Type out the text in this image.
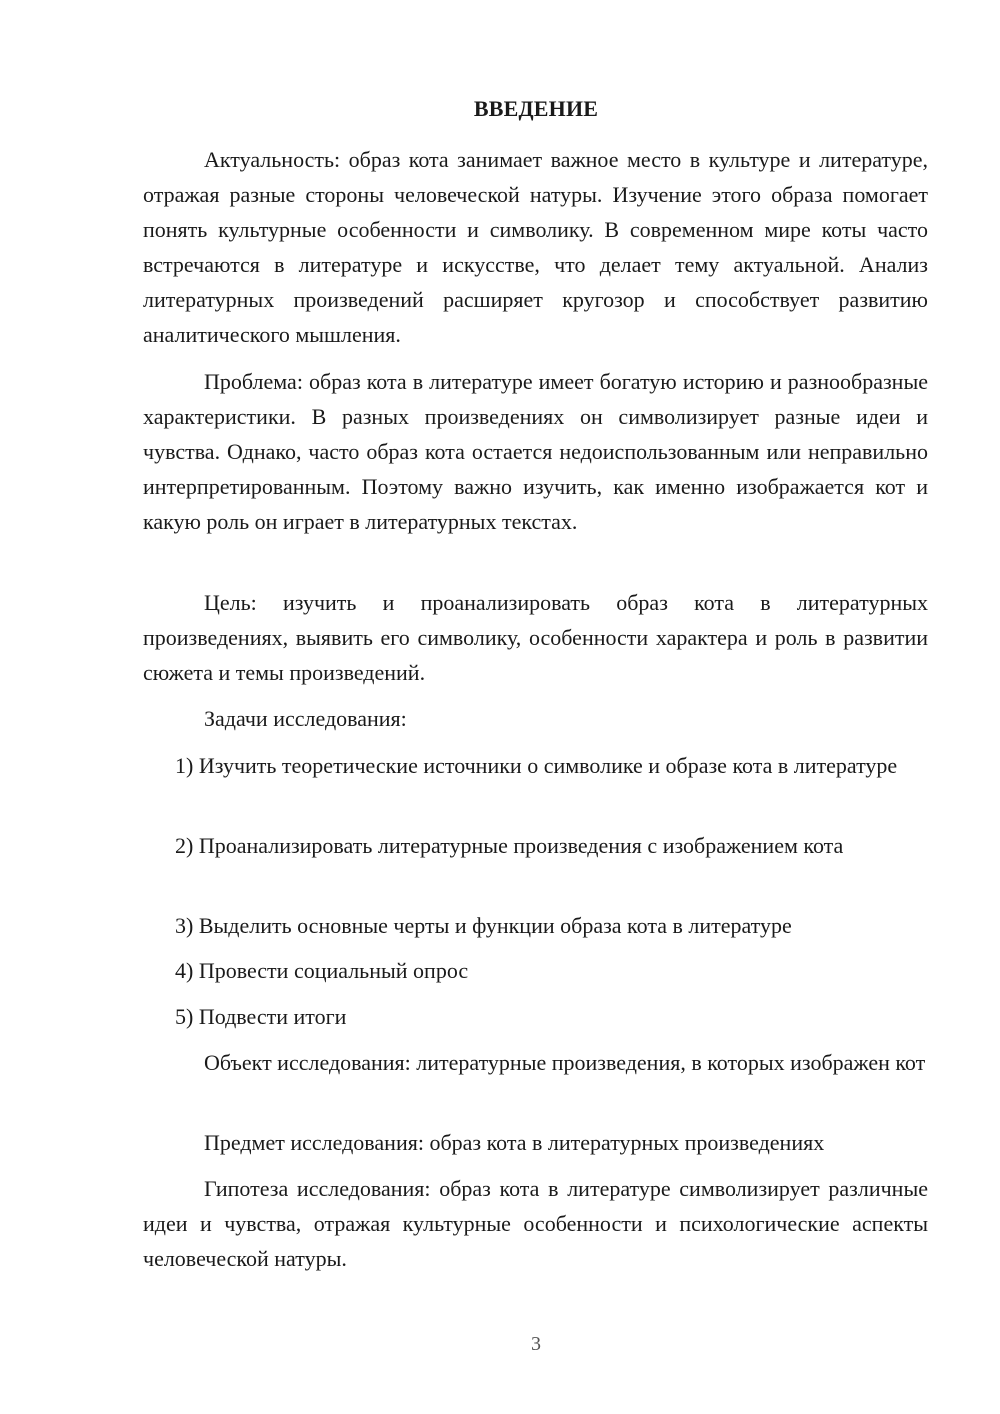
ВВЕДЕНИЕ

Актуальность: образ кота занимает важное место в культуре и литературе, отражая разные стороны человеческой натуры. Изучение этого образа помогает понять культурные особенности и символику. В современном мире коты часто встречаются в литературе и искусстве, что делает тему актуальной. Анализ литературных произведений расширяет кругозор и способствует развитию аналитического мышления.

Проблема: образ кота в литературе имеет богатую историю и разнообразные характеристики. В разных произведениях он символизирует разные идеи и чувства. Однако, часто образ кота остается недоиспользованным или неправильно интерпретированным. Поэтому важно изучить, как именно изображается кот и какую роль он играет в литературных текстах.

Цель: изучить и проанализировать образ кота в литературных произведениях, выявить его символику, особенности характера и роль в развитии сюжета и темы произведений.

Задачи исследования:

1) Изучить теоретические источники о символике и образе кота в литературе

2) Проанализировать литературные произведения с изображением кота

3) Выделить основные черты и функции образа кота в литературе

4) Провести социальный опрос

5) Подвести итоги

Объект исследования: литературные произведения, в которых изображен кот

Предмет исследования: образ кота в литературных произведениях

Гипотеза исследования: образ кота в литературе символизирует различные идеи и чувства, отражая культурные особенности и психологические аспекты человеческой натуры.

3
